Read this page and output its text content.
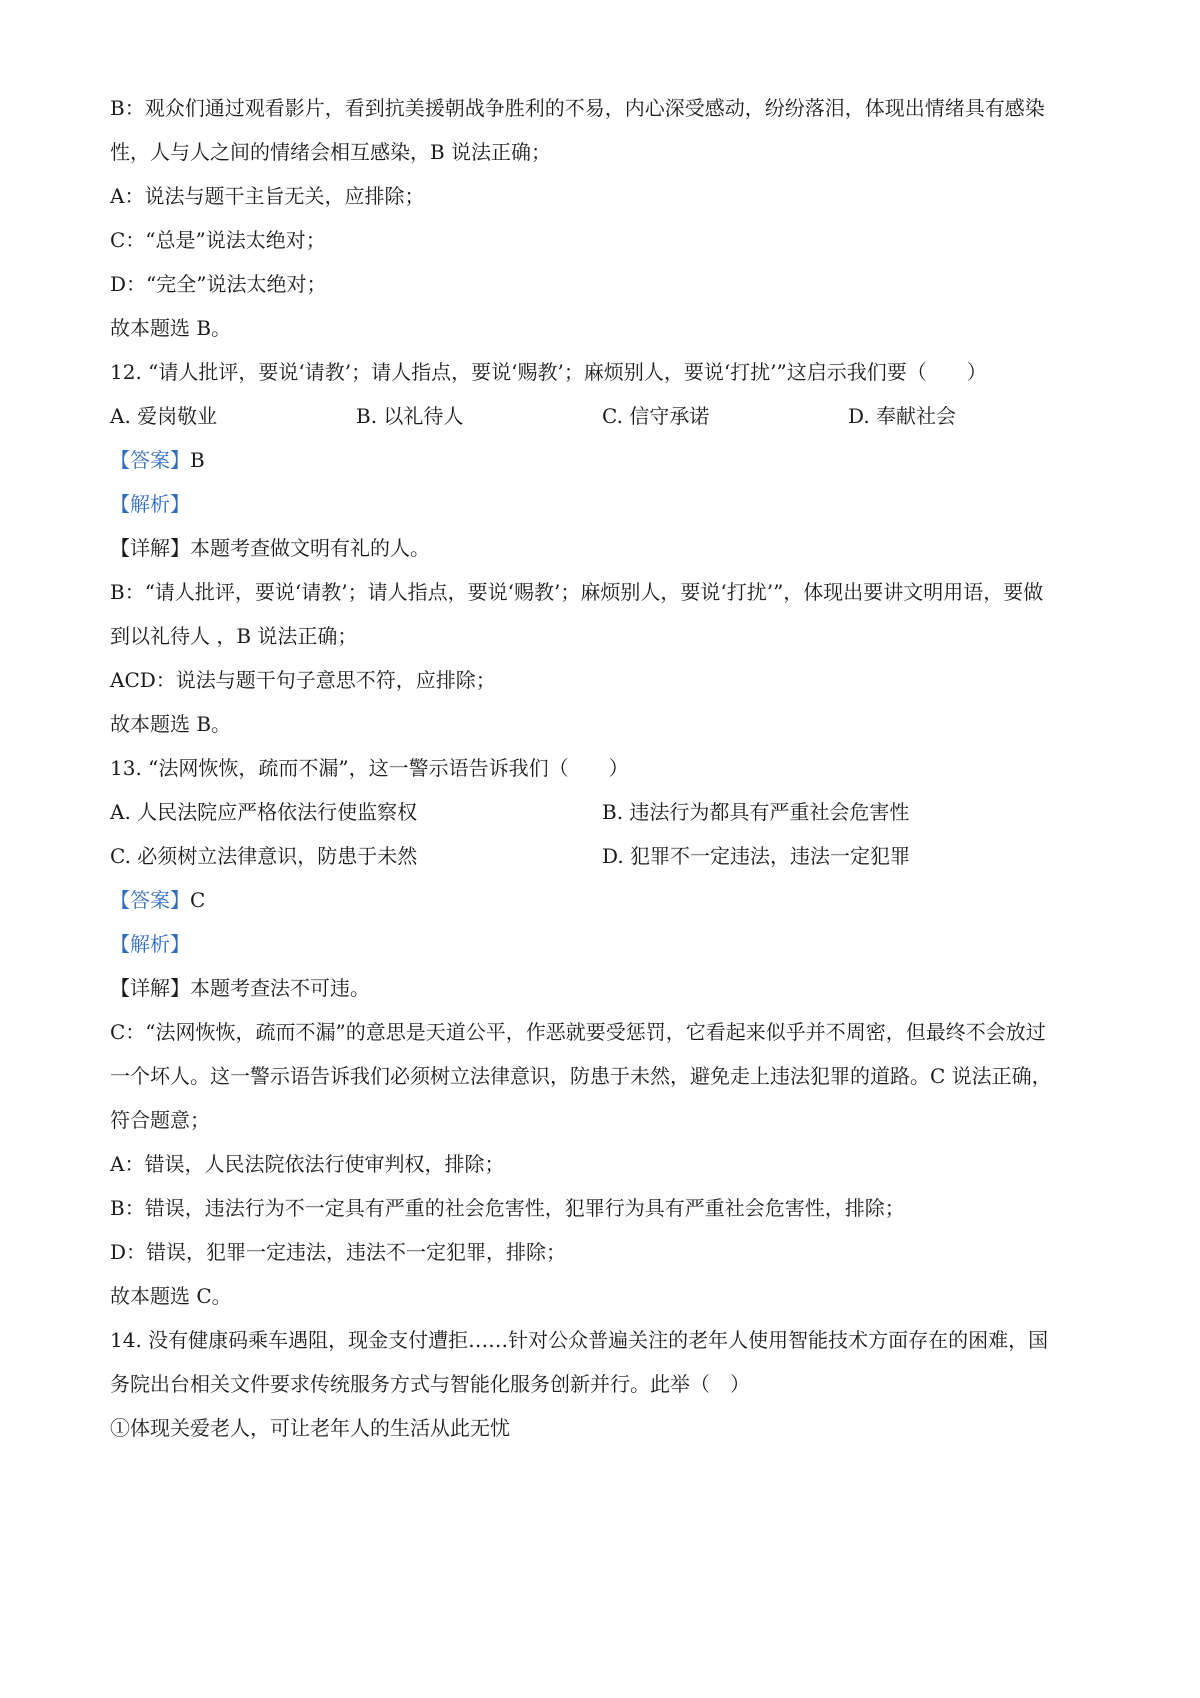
B：观众们通过观看影片，看到抗美援朝战争胜利的不易，内心深受感动，纷纷落泪，体现出情绪具有感染
性，人与人之间的情绪会相互感染，B 说法正确；
A：说法与题干主旨无关，应排除；
C：“总是”说法太绝对；
D：“完全”说法太绝对；
故本题选 B。
12. “请人批评，要说‘请教’；请人指点，要说‘赐教’；麻烦别人，要说‘打扰’”这启示我们要（　　）
A. 爱岗敬业	B. 以礼待人	C. 信守承诺	D. 奉献社会
【答案】B
【解析】
【详解】本题考查做文明有礼的人。
B：“请人批评，要说‘请教’；请人指点，要说‘赐教’；麻烦别人，要说‘打扰’”，体现出要讲文明用语，要做
到以礼待人 ，B 说法正确；
ACD：说法与题干句子意思不符，应排除；
故本题选 B。
13. “法网恢恢，疏而不漏”，这一警示语告诉我们（　　）
A. 人民法院应严格依法行使监察权	B. 违法行为都具有严重社会危害性
C. 必须树立法律意识，防患于未然	D. 犯罪不一定违法，违法一定犯罪
【答案】C
【解析】
【详解】本题考查法不可违。
C：“法网恢恢，疏而不漏”的意思是天道公平，作恶就要受惩罚，它看起来似乎并不周密，但最终不会放过
一个坏人。这一警示语告诉我们必须树立法律意识，防患于未然，避免走上违法犯罪的道路。C 说法正确，
符合题意；
A：错误，人民法院依法行使审判权，排除；
B：错误，违法行为不一定具有严重的社会危害性，犯罪行为具有严重社会危害性，排除；
D：错误，犯罪一定违法，违法不一定犯罪，排除；
故本题选 C。
14. 没有健康码乘车遇阻，现金支付遭拒……针对公众普遍关注的老年人使用智能技术方面存在的困难，国
务院出台相关文件要求传统服务方式与智能化服务创新并行。此举（　）
①体现关爱老人，可让老年人的生活从此无忧
